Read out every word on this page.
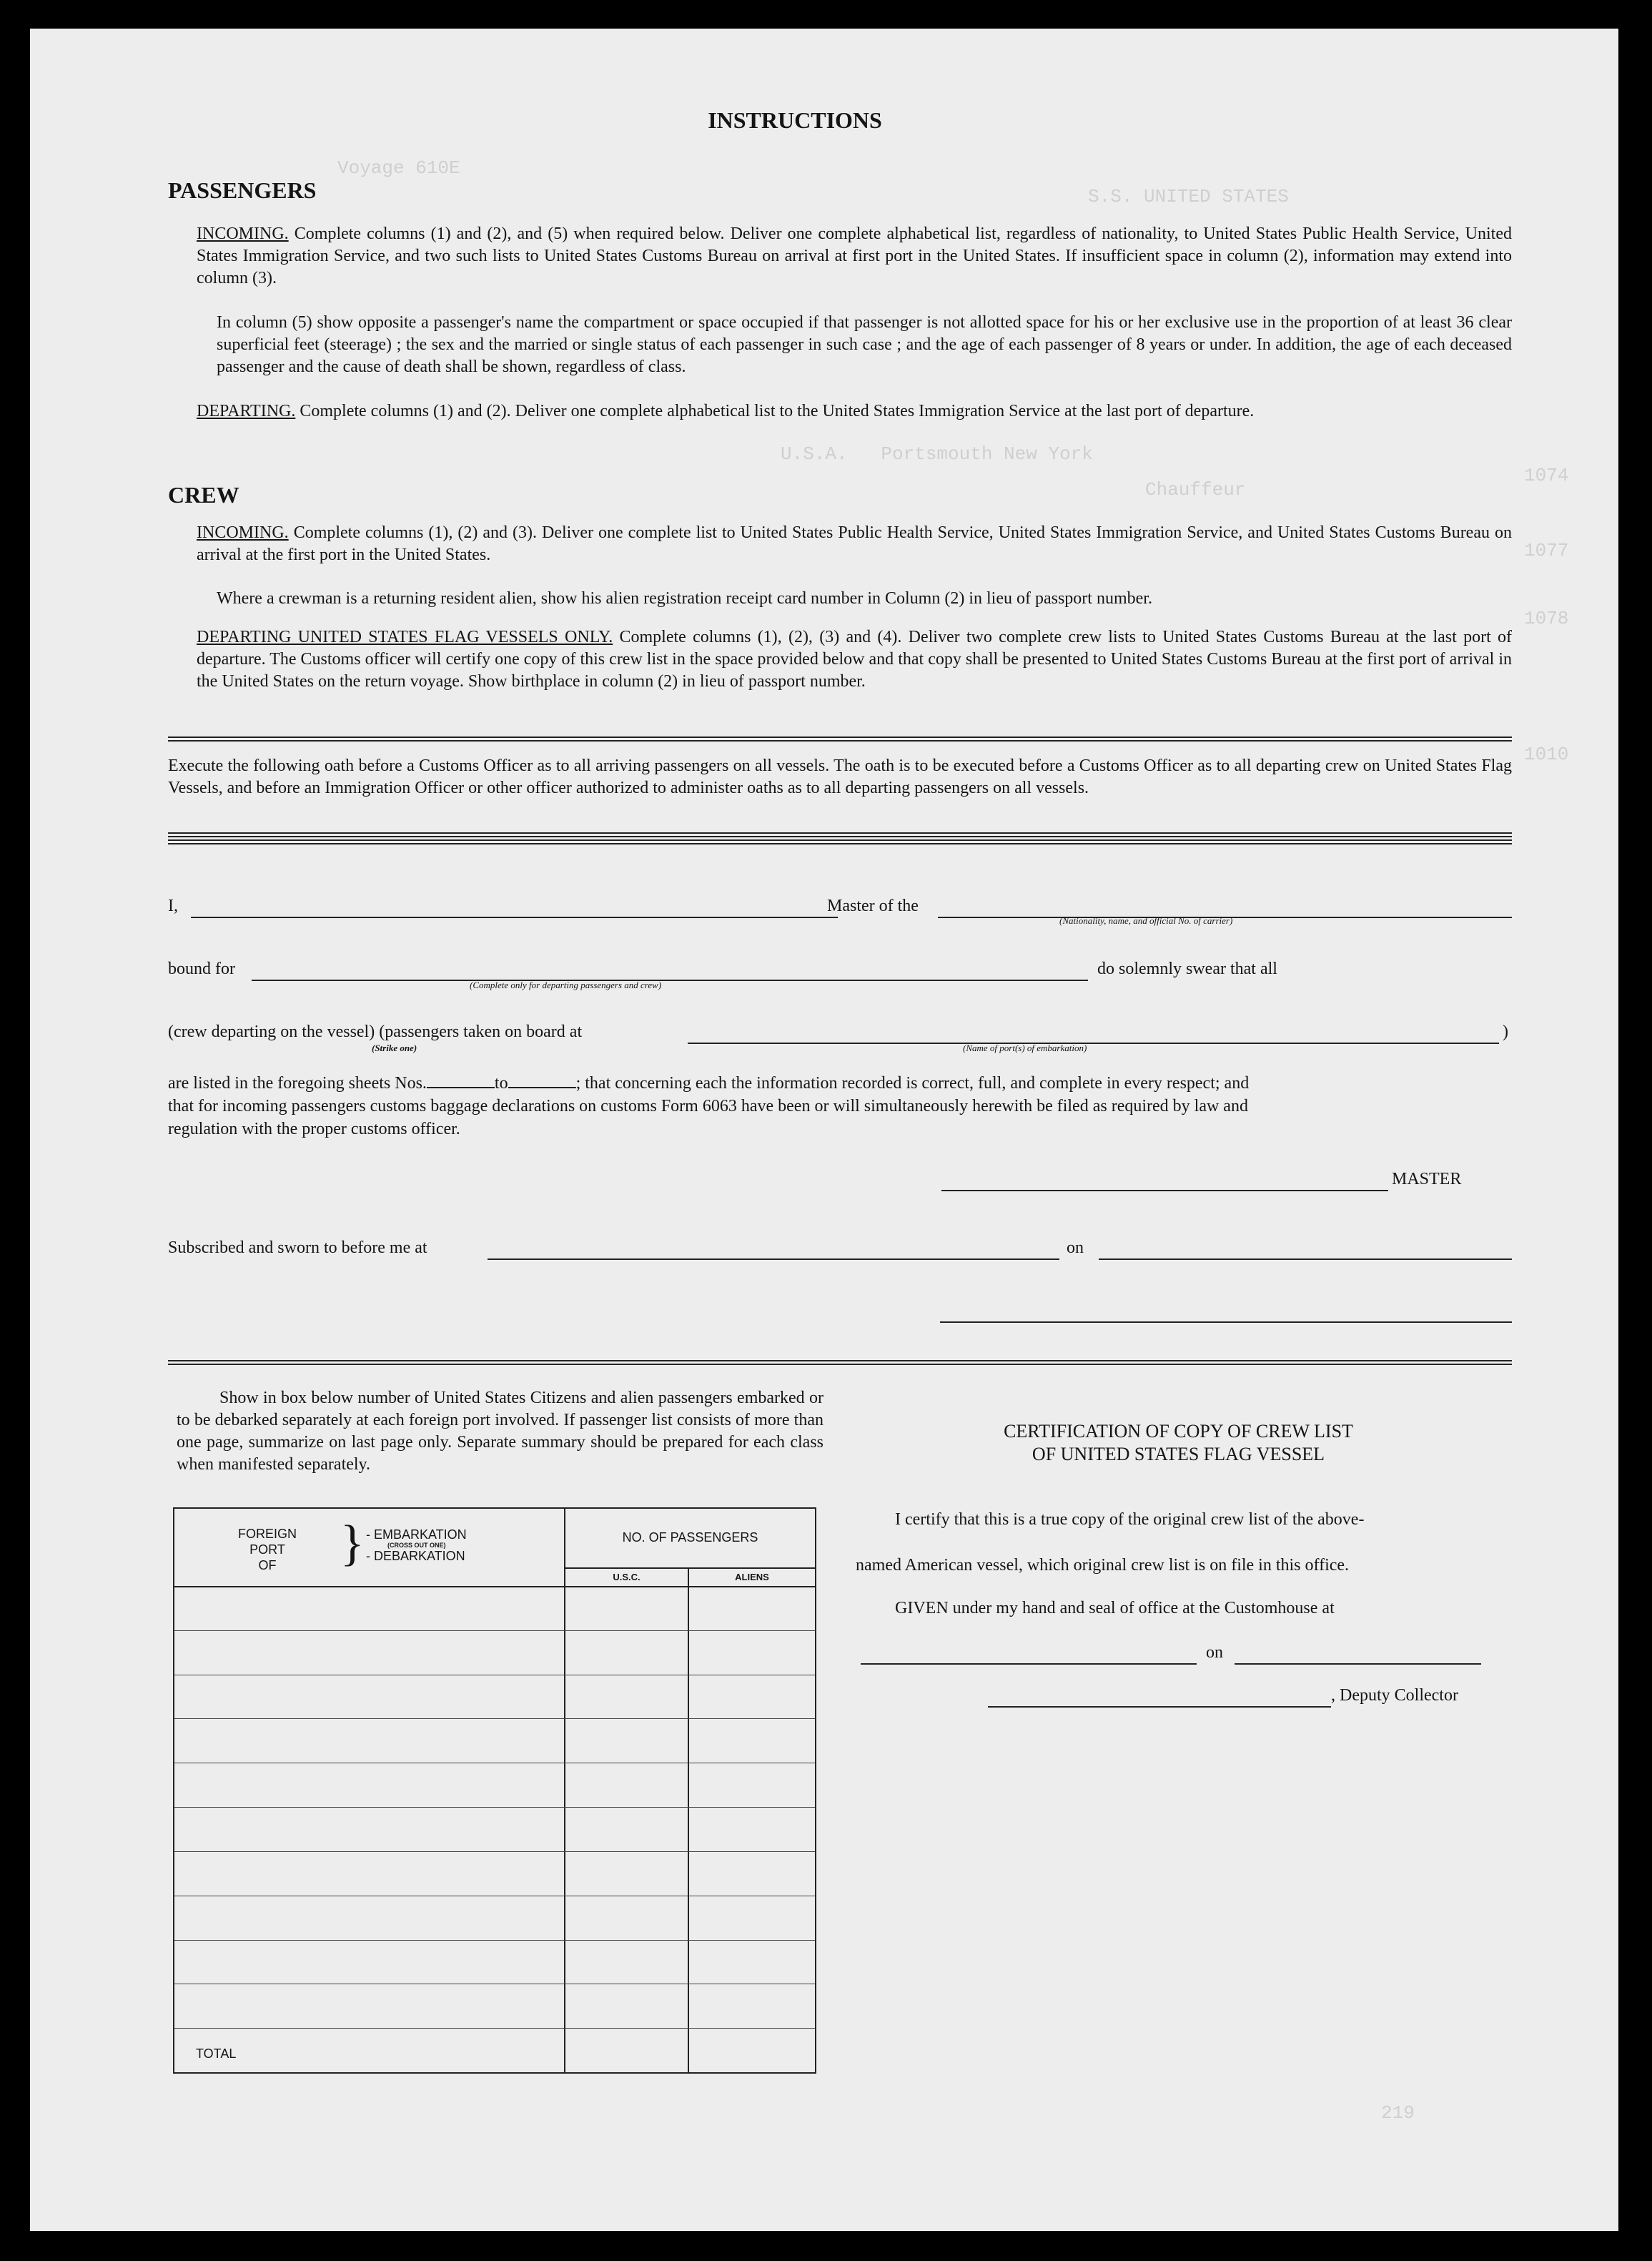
S.S. UNITED STATES
Voyage 610E
U.S.A.   Portsmouth New York
Chauffeur
1074
1077
1078
1010
219
INSTRUCTIONS
PASSENGERS
INCOMING. Complete columns (1) and (2), and (5) when required below. Deliver one complete alphabetical list, regardless of nationality, to United States Public Health Service, United States Immigration Service, and two such lists to United States Customs Bureau on arrival at first port in the United States. If insufficient space in column (2), information may extend into column (3).
In column (5) show opposite a passenger's name the compartment or space occupied if that passenger is not allotted space for his or her exclusive use in the proportion of at least 36 clear superficial feet (steerage) ; the sex and the married or single status of each passenger in such case ; and the age of each passenger of 8 years or under. In addition, the age of each deceased passenger and the cause of death shall be shown, regardless of class.
DEPARTING. Complete columns (1) and (2). Deliver one complete alphabetical list to the United States Immigration Service at the last port of departure.
CREW
INCOMING. Complete columns (1), (2) and (3). Deliver one complete list to United States Public Health Service, United States Immigration Service, and United States Customs Bureau on arrival at the first port in the United States.
Where a crewman is a returning resident alien, show his alien registration receipt card number in Column (2) in lieu of passport number.
DEPARTING UNITED STATES FLAG VESSELS ONLY. Complete columns (1), (2), (3) and (4). Deliver two complete crew lists to United States Customs Bureau at the last port of departure. The Customs officer will certify one copy of this crew list in the space provided below and that copy shall be presented to United States Customs Bureau at the first port of arrival in the United States on the return voyage. Show birthplace in column (2) in lieu of passport number.
Execute the following oath before a Customs Officer as to all arriving passengers on all vessels. The oath is to be executed before a Customs Officer as to all departing crew on United States Flag Vessels, and before an Immigration Officer or other officer authorized to administer oaths as to all departing passengers on all vessels.
I,	Master of the
(Nationality, name, and official No. of carrier)
bound for	do solemnly swear that all
(Complete only for departing passengers and crew)
(crew departing on the vessel) (passengers taken on board at	)
(Strike one)	(Name of port(s) of embarkation)
are listed in the foregoing sheets Nos.	to	; that concerning each the information recorded is correct, full, and complete in every respect; and
that for incoming passengers customs baggage declarations on customs Form 6063 have been or will simultaneously herewith be filed as required by law and
regulation with the proper customs officer.
MASTER
Subscribed and sworn to before me at	on
Show in box below number of United States Citizens and alien passengers embarked or to be debarked separately at each foreign port involved. If passenger list consists of more than one page, summarize on last page only. Separate summary should be prepared for each class when manifested separately.
FOREIGN
PORT
OF	} - EMBARKATION
(CROSS OUT ONE)
- DEBARKATION
NO. OF PASSENGERS
U.S.C.	ALIENS
TOTAL
CERTIFICATION OF COPY OF CREW LIST
OF UNITED STATES FLAG VESSEL
I certify that this is a true copy of the original crew list of the above-
named American vessel, which original crew list is on file in this office.
GIVEN under my hand and seal of office at the Customhouse at
on
, Deputy Collector
